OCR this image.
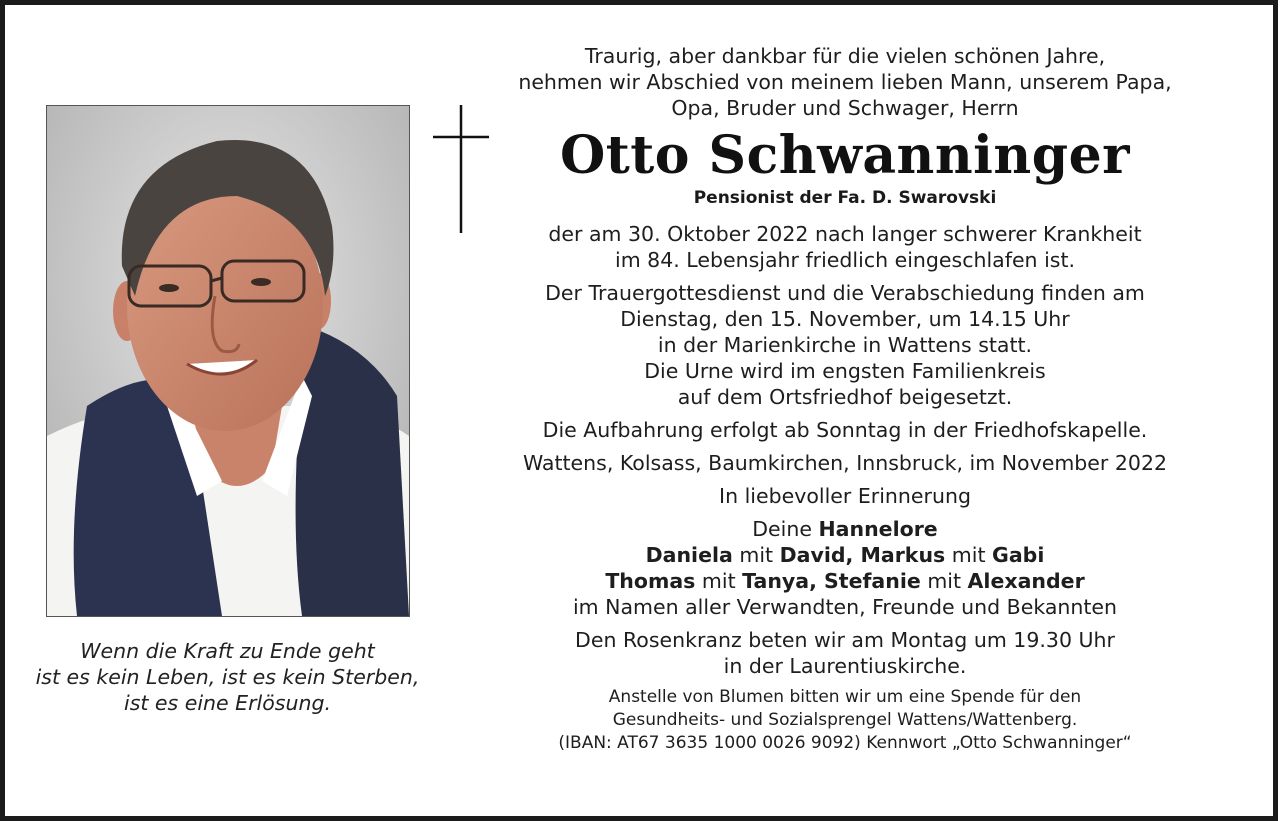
Wenn die Kraft zu Ende geht
ist es kein Leben, ist es kein Sterben,
ist es eine Erlösung.
Traurig, aber dankbar für die vielen schönen Jahre,
nehmen wir Abschied von meinem lieben Mann, unserem Papa,
Opa, Bruder und Schwager, Herrn
Otto Schwanninger
Pensionist der Fa. D. Swarovski
der am 30. Oktober 2022 nach langer schwerer Krankheit
im 84. Lebensjahr friedlich eingeschlafen ist.
Der Trauergottesdienst und die Verabschiedung finden am
Dienstag, den 15. November, um 14.15 Uhr
in der Marienkirche in Wattens statt.
Die Urne wird im engsten Familienkreis
auf dem Ortsfriedhof beigesetzt.
Die Aufbahrung erfolgt ab Sonntag in der Friedhofskapelle.
Wattens, Kolsass, Baumkirchen, Innsbruck, im November 2022
In liebevoller Erinnerung
Deine Hannelore
Daniela mit David, Markus mit Gabi
Thomas mit Tanya, Stefanie mit Alexander
im Namen aller Verwandten, Freunde und Bekannten
Den Rosenkranz beten wir am Montag um 19.30 Uhr
in der Laurentiuskirche.
Anstelle von Blumen bitten wir um eine Spende für den
Gesundheits- und Sozialsprengel Wattens/Wattenberg.
(IBAN: AT67 3635 1000 0026 9092) Kennwort „Otto Schwanninger“
